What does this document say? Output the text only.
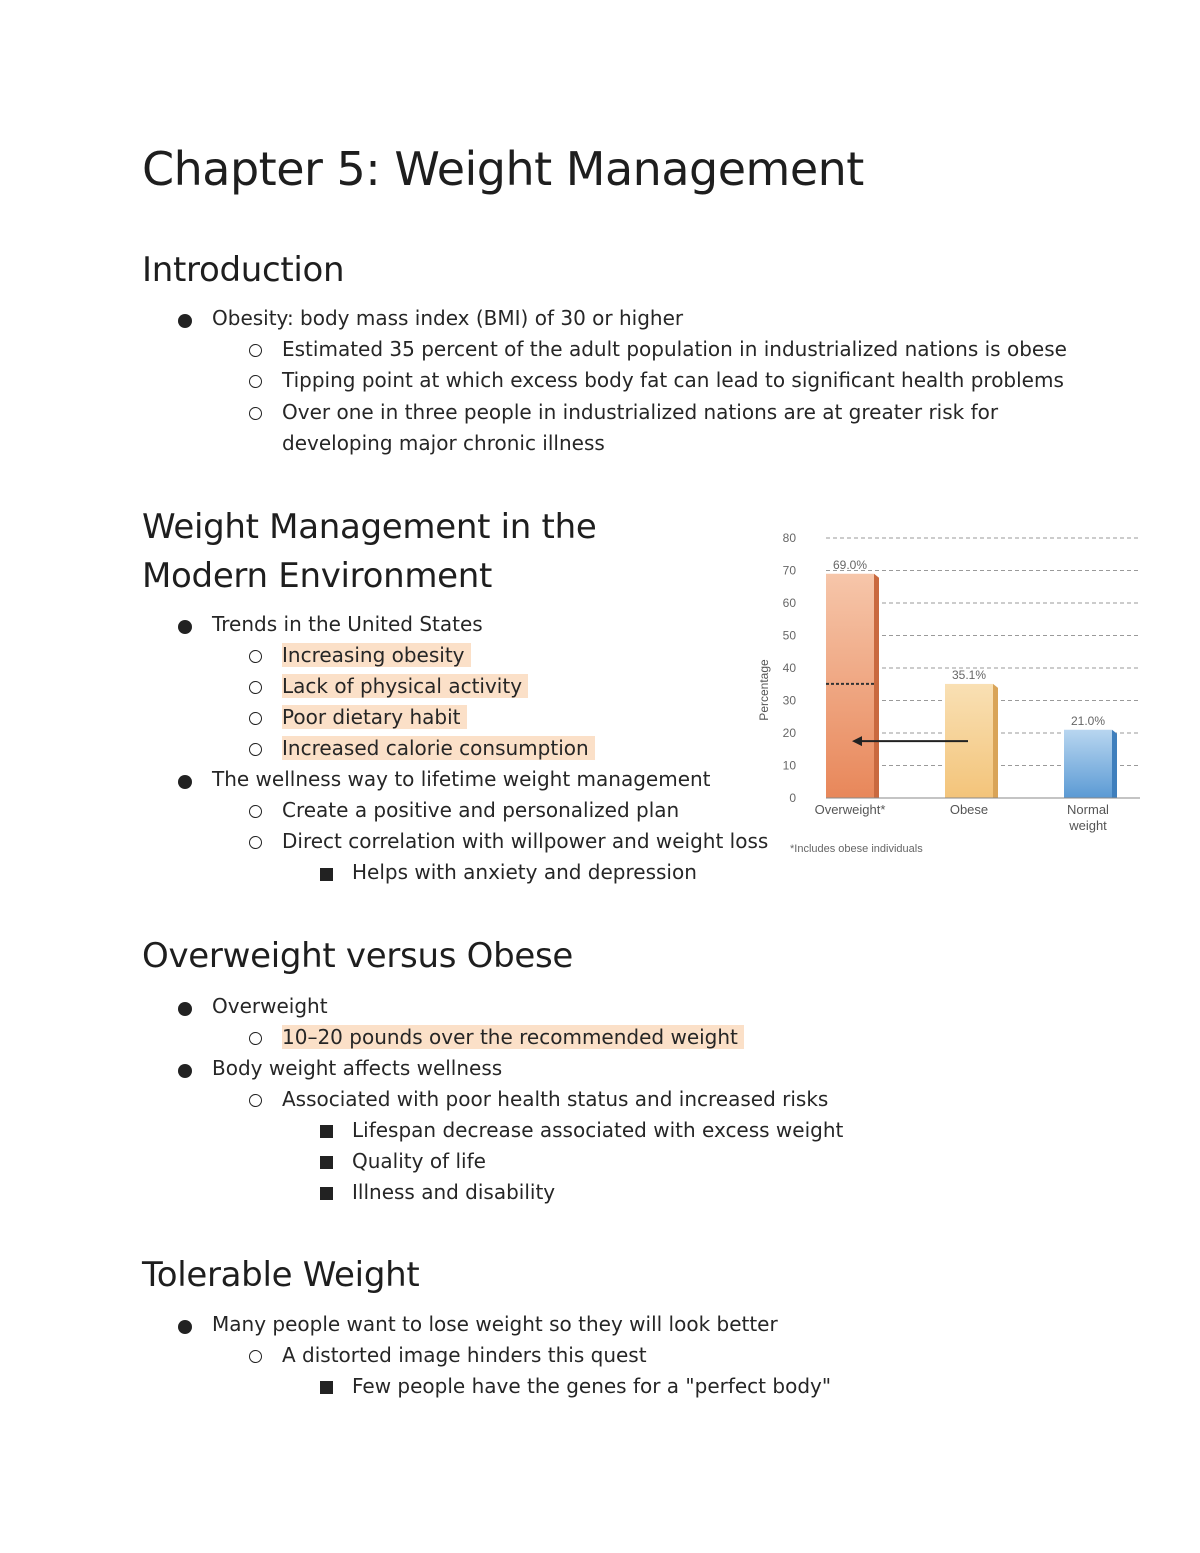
Chapter 5: Weight Management
Introduction
Obesity: body mass index (BMI) of 30 or higher
Estimated 35 percent of the adult population in industrialized nations is obese
Tipping point at which excess body fat can lead to significant health problems
Over one in three people in industrialized nations are at greater risk for developing major chronic illness
Weight Management in the Modern Environment
Trends in the United States
Increasing obesity
Lack of physical activity
Poor dietary habit
Increased calorie consumption
The wellness way to lifetime weight management
Create a positive and personalized plan
Direct correlation with willpower and weight loss
Helps with anxiety and depression
0
10
20
30
40
50
60
70
80
69.0%
35.1%
21.0%
Percentage
Overweight*	Obese	Normal
weight
*Includes obese individuals
Overweight versus Obese
Overweight
10–20 pounds over the recommended weight
Body weight affects wellness
Associated with poor health status and increased risks
Lifespan decrease associated with excess weight
Quality of life
Illness and disability
Tolerable Weight
Many people want to lose weight so they will look better
A distorted image hinders this quest
Few people have the genes for a "perfect body"
